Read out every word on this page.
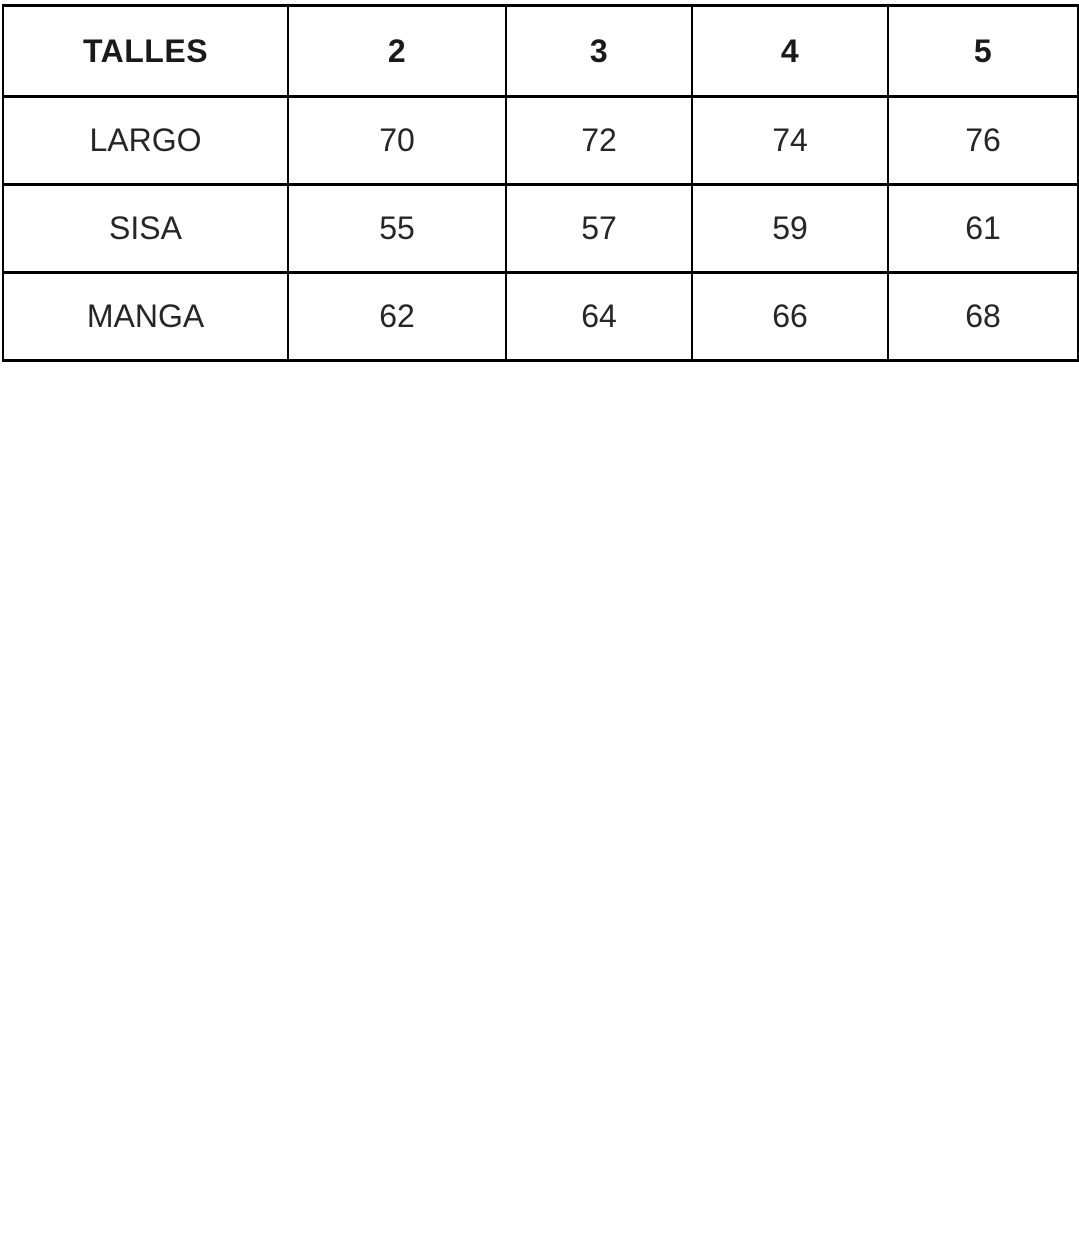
TALLES	2	3	4	5
LARGO	70	72	74	76
SISA	55	57	59	61
MANGA	62	64	66	68
